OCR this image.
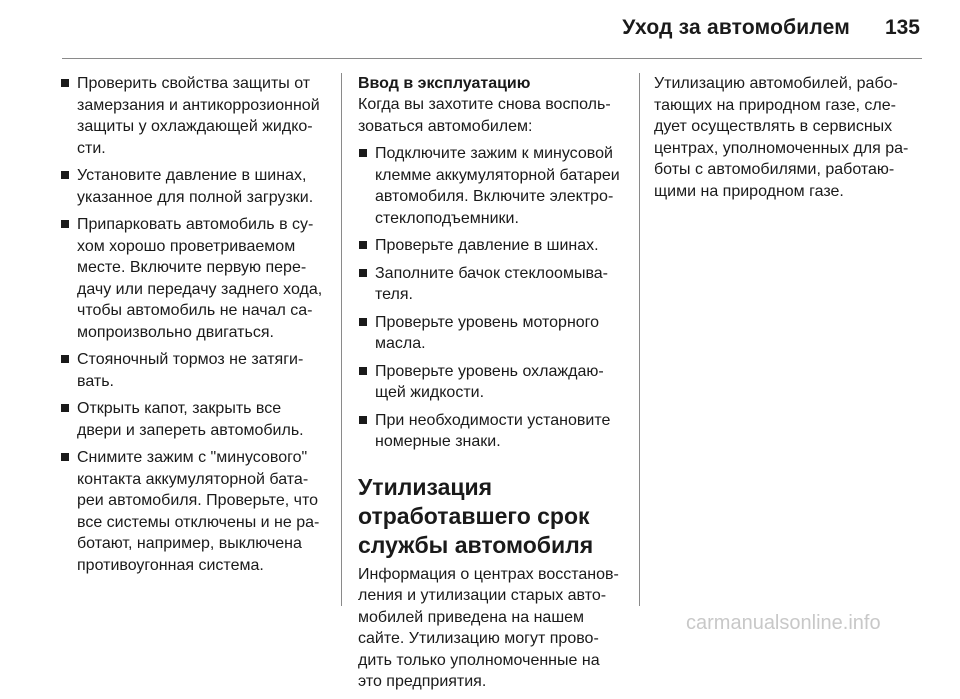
Уход за автомобилем 135
Проверить свойства защиты от
замерзания и антикоррозионной
защиты у охлаждающей жидко-
сти.
Установите давление в шинах,
указанное для полной загрузки.
Припарковать автомобиль в су-
хом хорошо проветриваемом
месте. Включите первую пере-
дачу или передачу заднего хода,
чтобы автомобиль не начал са-
мопроизвольно двигаться.
Стояночный тормоз не затяги-
вать.
Открыть капот, закрыть все
двери и запереть автомобиль.
Снимите зажим с "минусового"
контакта аккумуляторной бата-
реи автомобиля. Проверьте, что
все системы отключены и не ра-
ботают, например, выключена
противоугонная система.
Ввод в эксплуатацию
Когда вы захотите снова восполь-
зоваться автомобилем:
Подключите зажим к минусовой
клемме аккумуляторной батареи
автомобиля. Включите электро-
стеклоподъемники.
Проверьте давление в шинах.
Заполните бачок стеклоомыва-
теля.
Проверьте уровень моторного
масла.
Проверьте уровень охлаждаю-
щей жидкости.
При необходимости установите
номерные знаки.
Утилизация
отработавшего срок
службы автомобиля
Информация о центрах восстанов-
ления и утилизации старых авто-
мобилей приведена на нашем
сайте. Утилизацию могут прово-
дить только уполномоченные на
это предприятия.
Утилизацию автомобилей, рабо-
тающих на природном газе, сле-
дует осуществлять в сервисных
центрах, уполномоченных для ра-
боты с автомобилями, работаю-
щими на природном газе.
carmanualsonline.info
